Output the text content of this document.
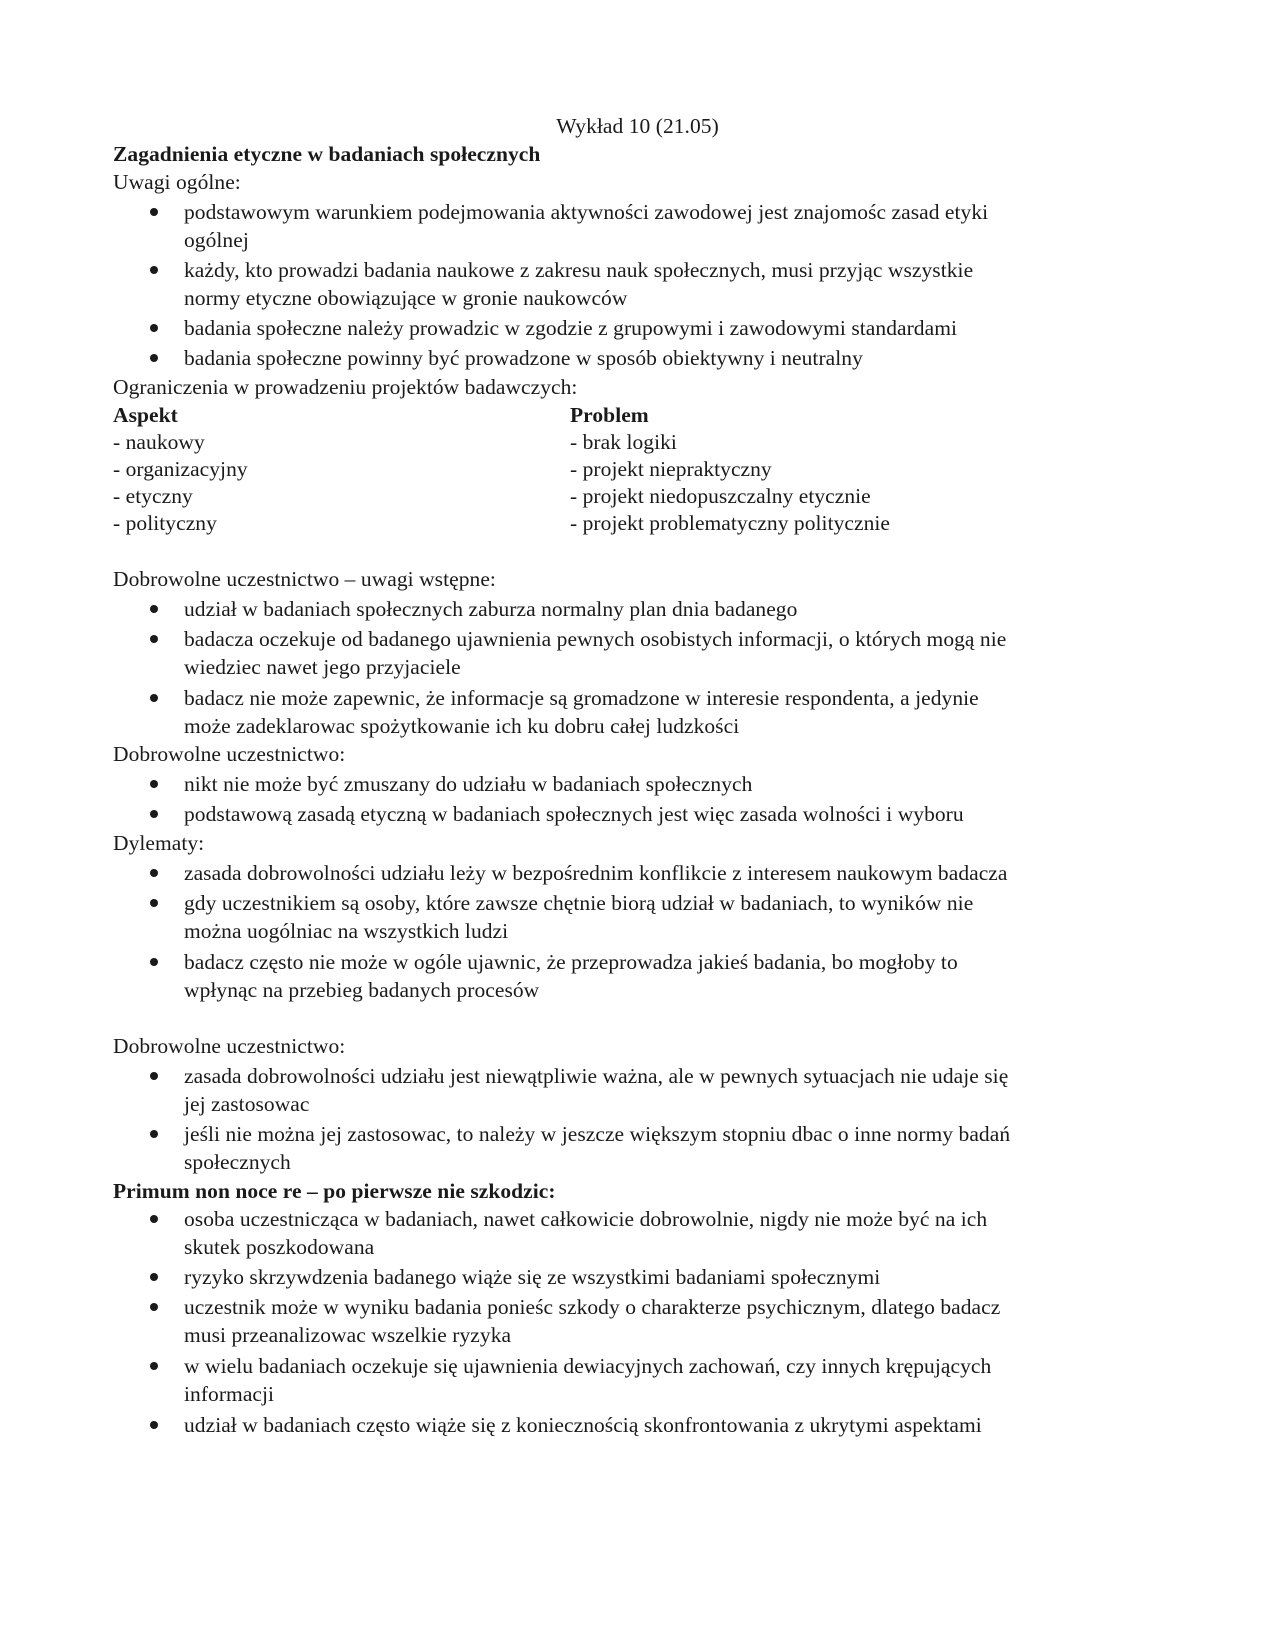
Wykład 10 (21.05)
Zagadnienia etyczne w badaniach społecznych
Uwagi ogólne:
podstawowym warunkiem podejmowania aktywności zawodowej jest znajomośc zasad etyki
ogólnej
każdy, kto prowadzi badania naukowe z zakresu nauk społecznych, musi przyjąc wszystkie
normy etyczne obowiązujące w gronie naukowców
badania społeczne należy prowadzic w zgodzie z grupowymi i zawodowymi standardami
badania społeczne powinny być prowadzone w sposób obiektywny i neutralny
Ograniczenia w prowadzeniu projektów badawczych:
Aspekt	Problem
- naukowy	- brak logiki
- organizacyjny	- projekt niepraktyczny
- etyczny	- projekt niedopuszczalny etycznie
- polityczny	- projekt problematyczny politycznie
Dobrowolne uczestnictwo – uwagi wstępne:
udział w badaniach społecznych zaburza normalny plan dnia badanego
badacza oczekuje od badanego ujawnienia pewnych osobistych informacji, o których mogą nie
wiedziec nawet jego przyjaciele
badacz nie może zapewnic, że informacje są gromadzone w interesie respondenta, a jedynie
może zadeklarowac spożytkowanie ich ku dobru całej ludzkości
Dobrowolne uczestnictwo:
nikt nie może być zmuszany do udziału w badaniach społecznych
podstawową zasadą etyczną w badaniach społecznych jest więc zasada wolności i wyboru
Dylematy:
zasada dobrowolności udziału leży w bezpośrednim konflikcie z interesem naukowym badacza
gdy uczestnikiem są osoby, które zawsze chętnie biorą udział w badaniach, to wyników nie
można uogólniac na wszystkich ludzi
badacz często nie może w ogóle ujawnic, że przeprowadza jakieś badania, bo mogłoby to
wpłynąc na przebieg badanych procesów
Dobrowolne uczestnictwo:
zasada dobrowolności udziału jest niewątpliwie ważna, ale w pewnych sytuacjach nie udaje się
jej zastosowac
jeśli nie można jej zastosowac, to należy w jeszcze większym stopniu dbac o inne normy badań
społecznych
Primum non noce re – po pierwsze nie szkodzic:
osoba uczestnicząca w badaniach, nawet całkowicie dobrowolnie, nigdy nie może być na ich
skutek poszkodowana
ryzyko skrzywdzenia badanego wiąże się ze wszystkimi badaniami społecznymi
uczestnik może w wyniku badania ponieśc szkody o charakterze psychicznym, dlatego badacz
musi przeanalizowac wszelkie ryzyka
w wielu badaniach oczekuje się ujawnienia dewiacyjnych zachowań, czy innych krępujących
informacji
udział w badaniach często wiąże się z koniecznością skonfrontowania z ukrytymi aspektami
